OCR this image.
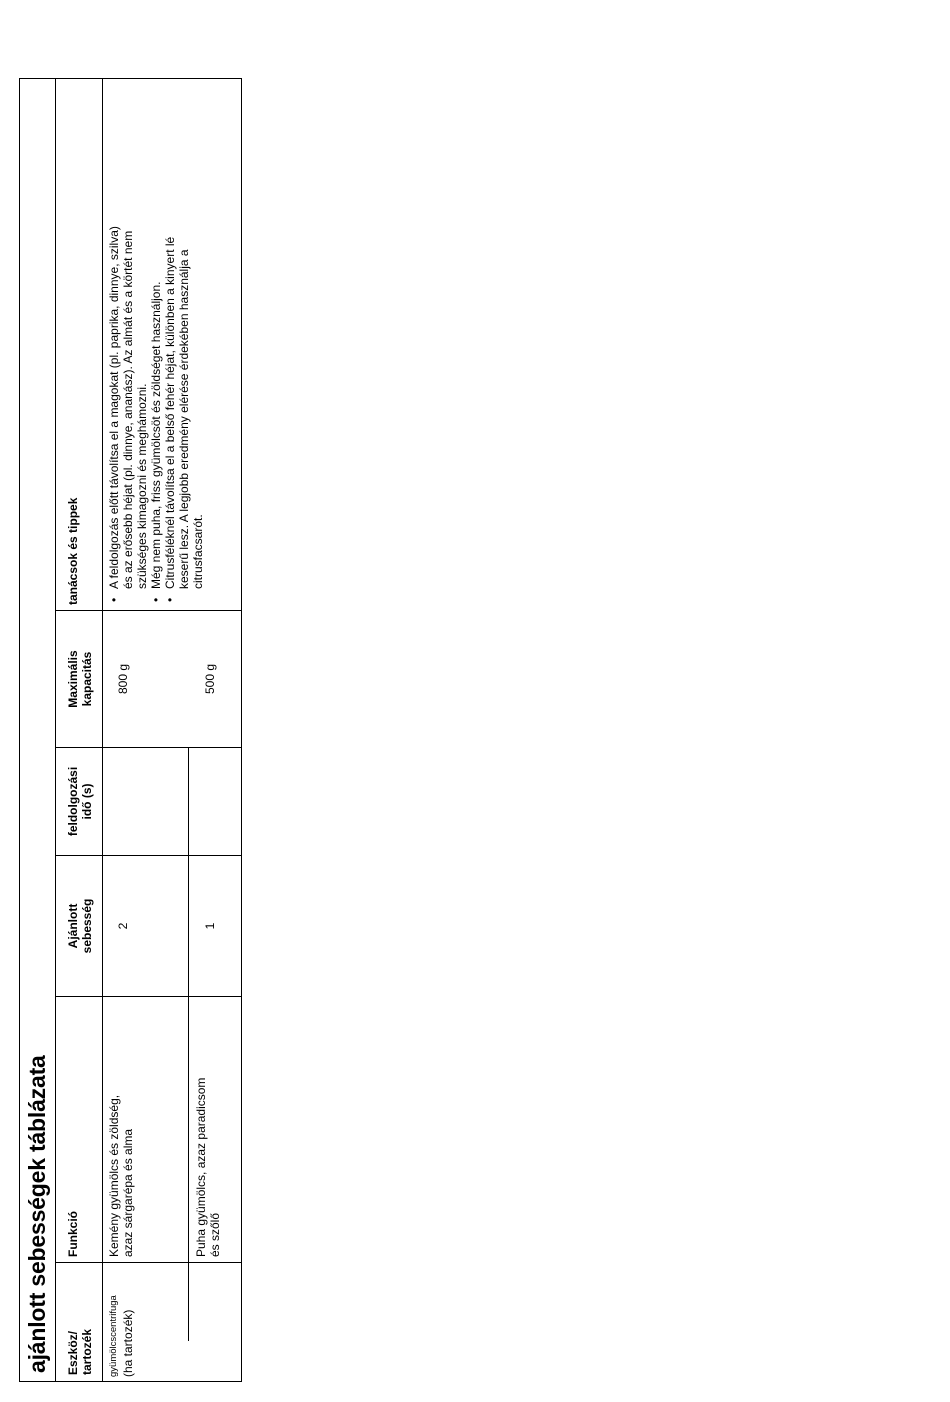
ajánlott sebességek táblázata	Eszköz/ tartozék
Funkció
Ajánlott sebesség
feldolgozási idő (s)
Maximális kapacitás
tanácsok és tippek
gyümölcscentrifuga (ha tartozék)
Kemény gyümölcs és zöldség, azaz sárgarépa és alma
2
800 g
Puha gyümölcs, azaz paradicsom és szőlő
1
500 g
• A feldolgozás előtt távolítsa el a magokat (pl. paprika, dinnye, szilva) és az erősebb héjat (pl. dinnye, ananász). Az almát és a körtét nem szükséges kimagozni és meghámozni. • Még nem puha, friss gyümölcsöt és zöldséget használjon. • Citrusféléknél távolítsa el a belső fehér héjat, különben a kinyert lé keserű lesz. A legjobb eredmény elérése érdekében használja a citrusfacsarót.
